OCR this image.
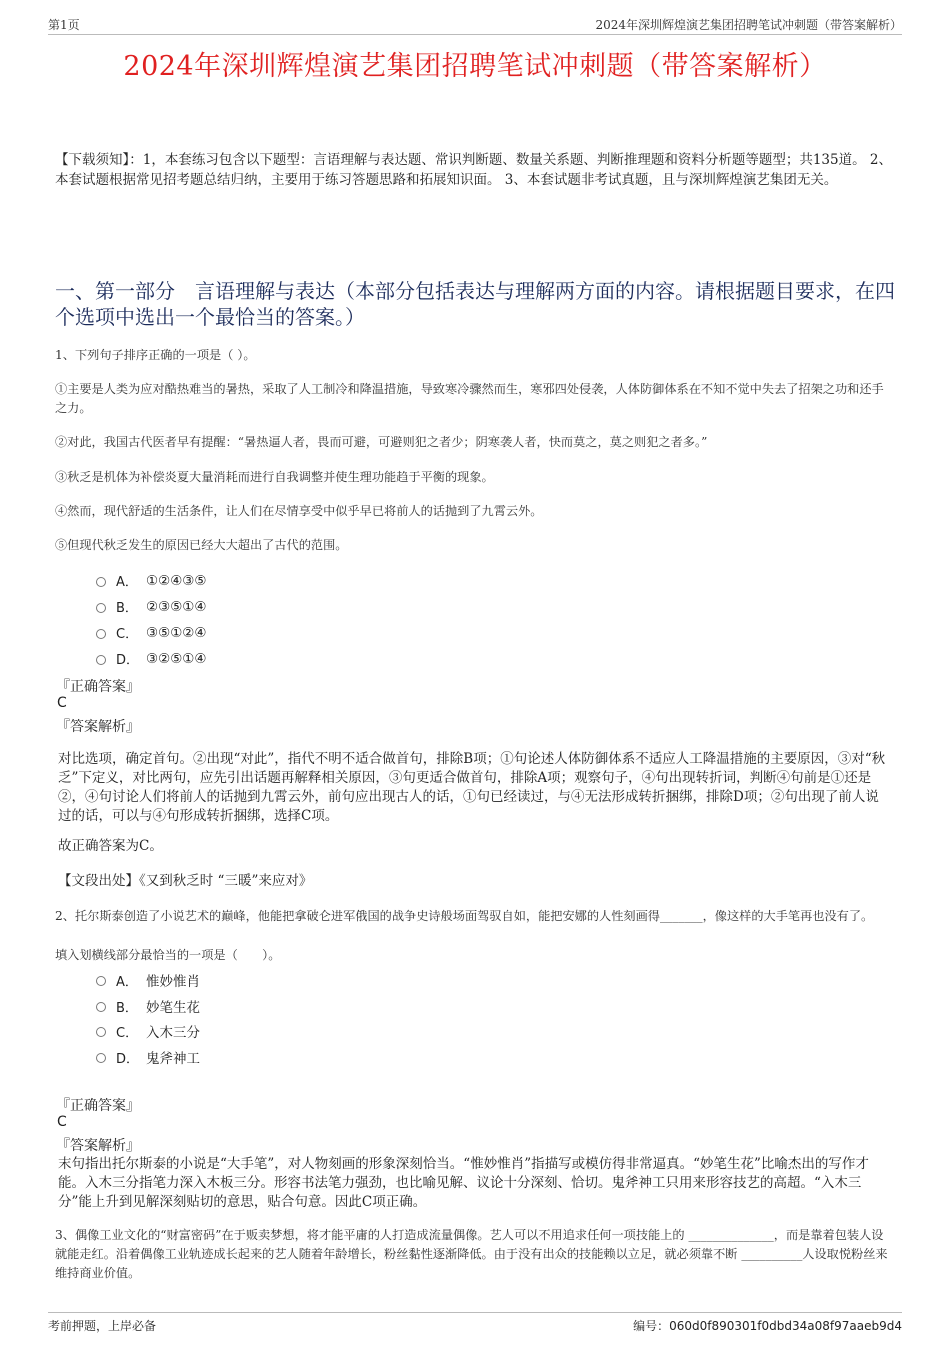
第1页	2024年深圳辉煌演艺集团招聘笔试冲刺题（带答案解析）
2024年深圳辉煌演艺集团招聘笔试冲刺题（带答案解析）
【下载须知】：1，本套练习包含以下题型：言语理解与表达题、常识判断题、数量关系题、判断推理题和资料分析题等题型；共135道。 2、本套试题根据常见招考题总结归纳，主要用于练习答题思路和拓展知识面。 3、本套试题非考试真题，且与深圳辉煌演艺集团无关。
一、第一部分　言语理解与表达（本部分包括表达与理解两方面的内容。请根据题目要求，在四个选项中选出一个最恰当的答案。）
1、下列句子排序正确的一项是（ ）。
①主要是人类为应对酷热难当的暑热，采取了人工制冷和降温措施，导致寒冷骤然而生，寒邪四处侵袭，人体防御体系在不知不觉中失去了招架之功和还手之力。
②对此，我国古代医者早有提醒：“暑热逼人者，畏而可避，可避则犯之者少；阴寒袭人者，快而莫之，莫之则犯之者多。”
③秋乏是机体为补偿炎夏大量消耗而进行自我调整并使生理功能趋于平衡的现象。
④然而，现代舒适的生活条件，让人们在尽情享受中似乎早已将前人的话抛到了九霄云外。
⑤但现代秋乏发生的原因已经大大超出了古代的范围。
A． ①②④③⑤
B． ②③⑤①④
C． ③⑤①②④
D． ③②⑤①④
『正确答案』
C
『答案解析』
对比选项，确定首句。②出现“对此”，指代不明不适合做首句，排除B项；①句论述人体防御体系不适应人工降温措施的主要原因，③对“秋乏”下定义，对比两句，应先引出话题再解释相关原因，③句更适合做首句，排除A项；观察句子，④句出现转折词，判断④句前是①还是②，④句讨论人们将前人的话抛到九霄云外，前句应出现古人的话，①句已经读过，与④无法形成转折捆绑，排除D项；②句出现了前人说过的话，可以与④句形成转折捆绑，选择C项。
故正确答案为C。
【文段出处】《又到秋乏时 “三暖”来应对》
2、托尔斯泰创造了小说艺术的巅峰，他能把拿破仑进军俄国的战争史诗般场面驾驭自如，能把安娜的人性刻画得_______，像这样的大手笔再也没有了。
填入划横线部分最恰当的一项是（　　）。
A． 惟妙惟肖
B． 妙笔生花
C． 入木三分
D． 鬼斧神工
『正确答案』
C
『答案解析』
末句指出托尔斯泰的小说是“大手笔”，对人物刻画的形象深刻恰当。“惟妙惟肖”指描写或模仿得非常逼真。“妙笔生花”比喻杰出的写作才能。入木三分指笔力深入木板三分。形容书法笔力强劲，也比喻见解、议论十分深刻、恰切。鬼斧神工只用来形容技艺的高超。“入木三分”能上升到见解深刻贴切的意思，贴合句意。因此C项正确。
3、偶像工业文化的“财富密码”在于贩卖梦想，将才能平庸的人打造成流量偶像。艺人可以不用追求任何一项技能上的 ______________，而是靠着包装人设就能走红。沿着偶像工业轨迹成长起来的艺人随着年龄增长，粉丝黏性逐渐降低。由于没有出众的技能赖以立足，就必须靠不断 __________人设取悦粉丝来维持商业价值。
考前押题，上岸必备	编号：060d0f890301f0dbd34a08f97aaeb9d4
